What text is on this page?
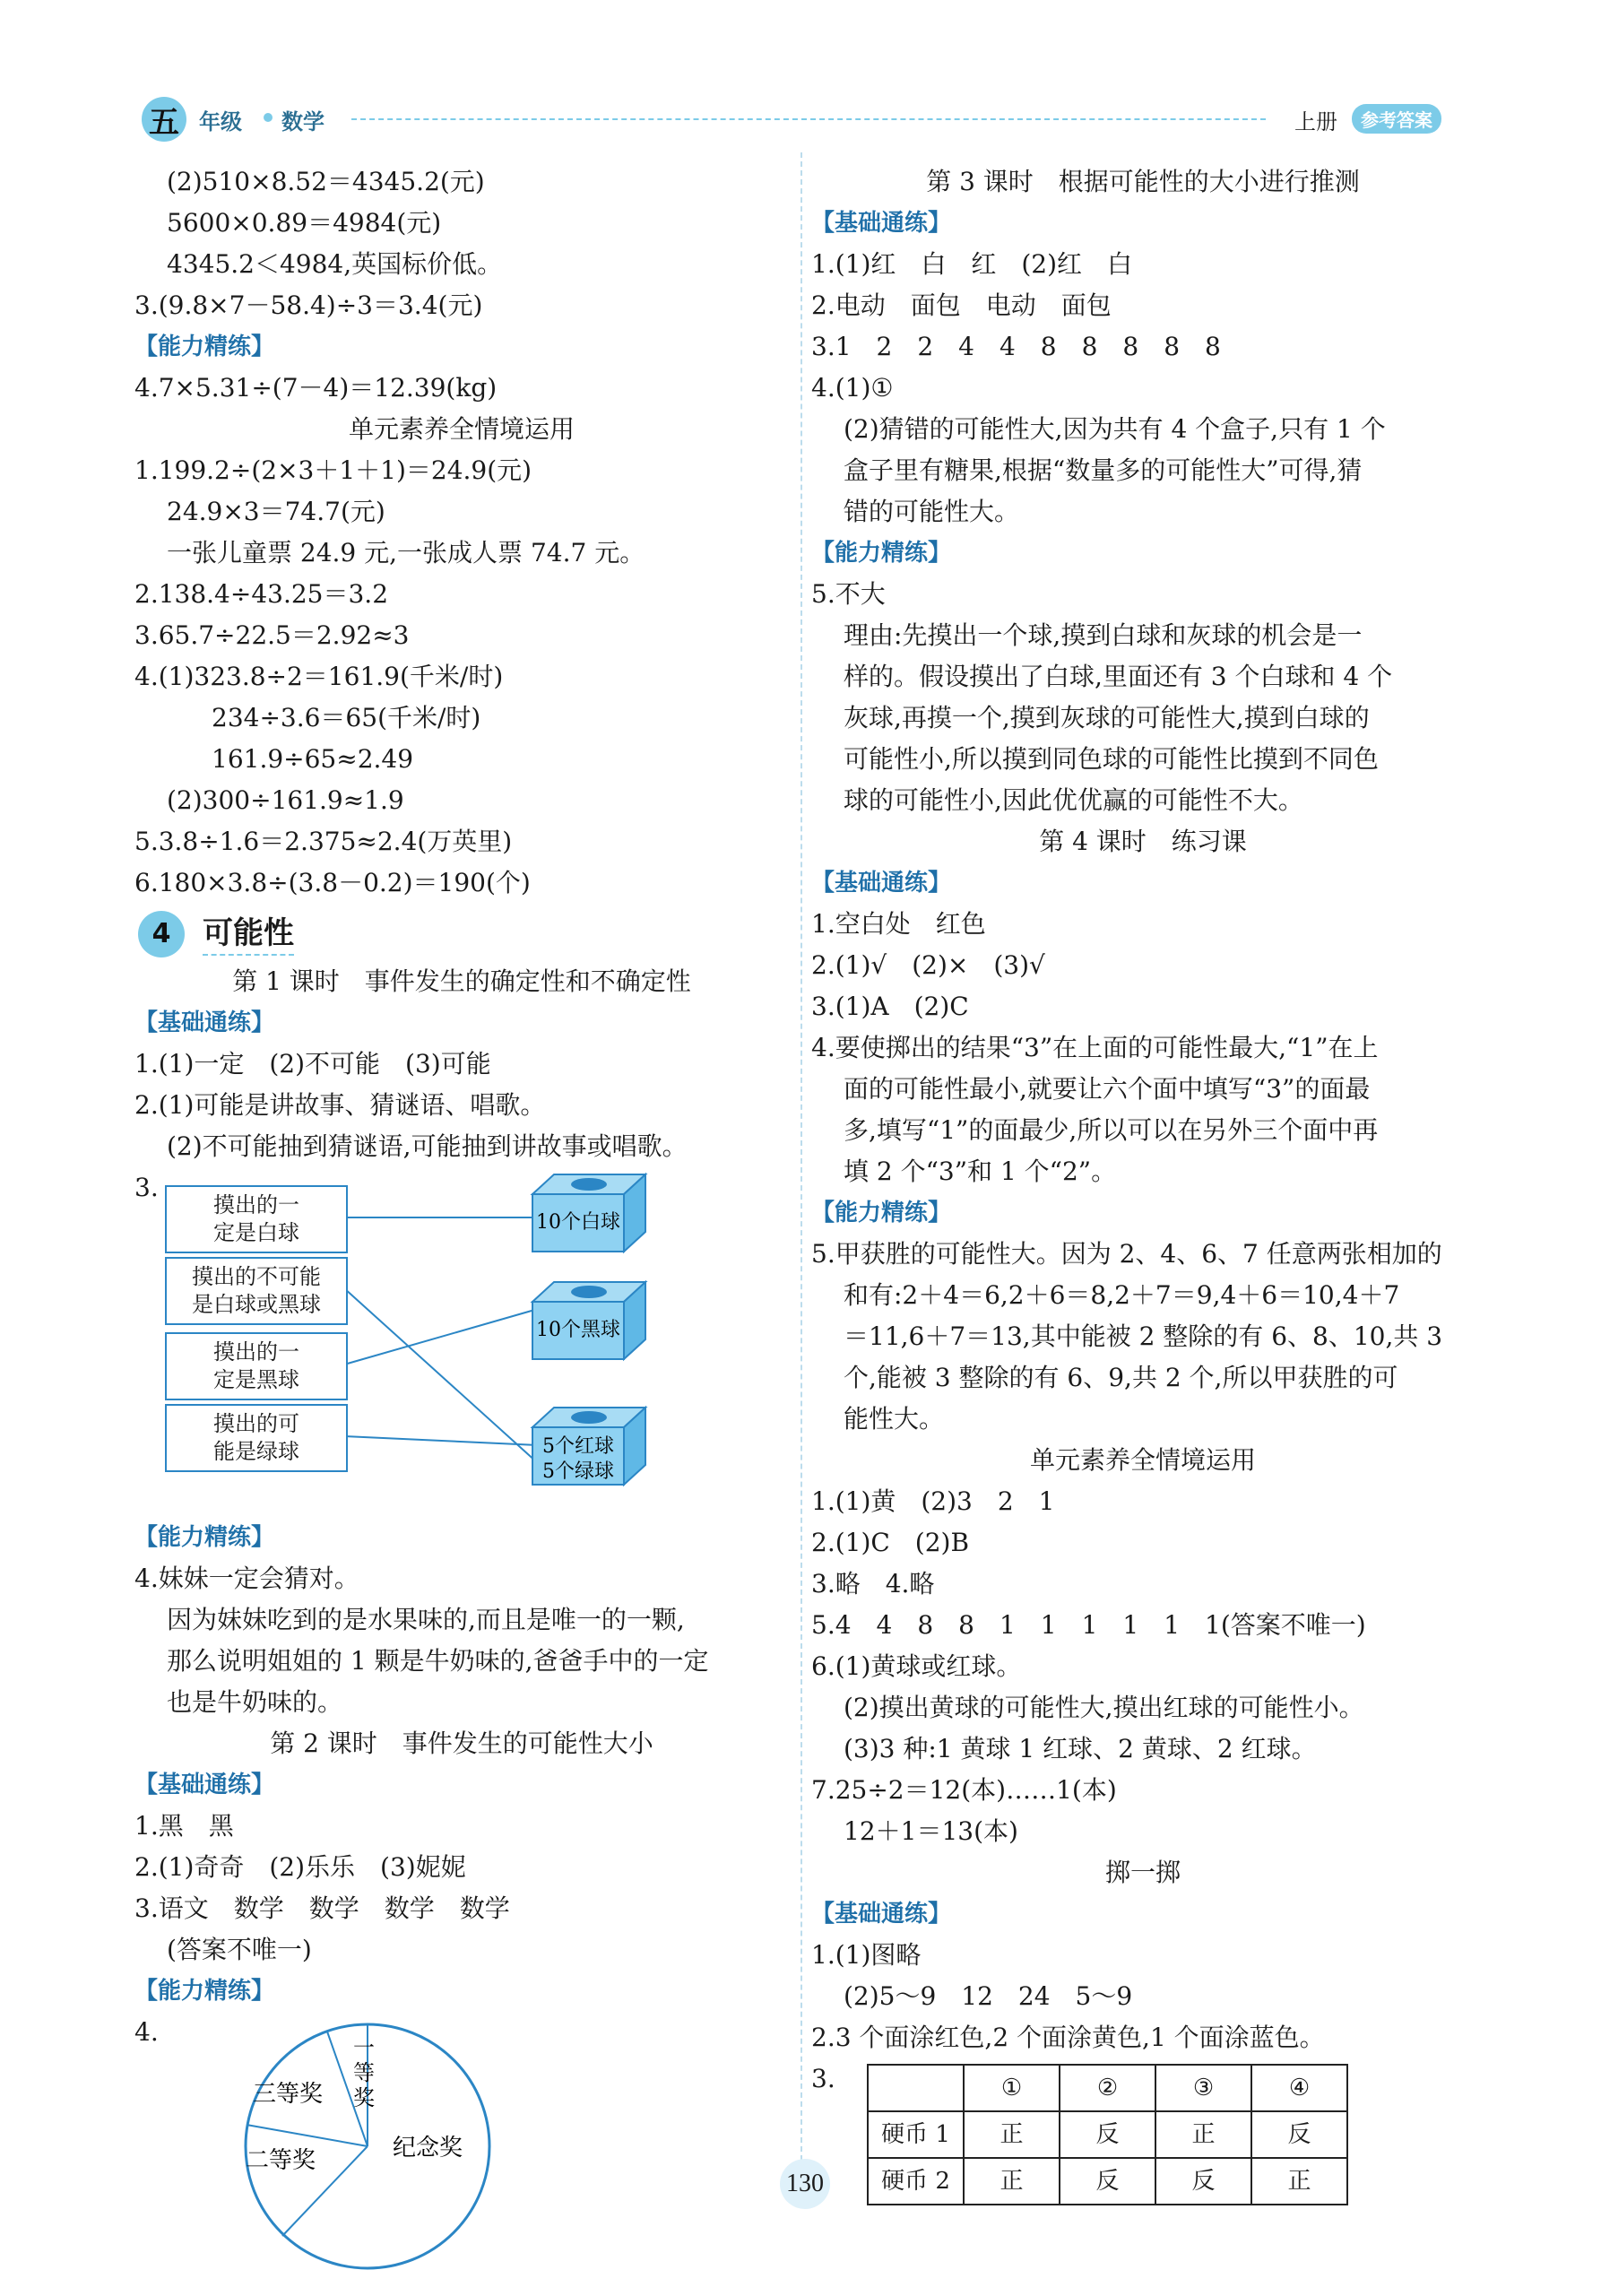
五 年级 数学	上册	参考答案
(2)510×8.52＝4345.2(元)
5600×0.89＝4984(元)
4345.2＜4984,英国标价低。
3.(9.8×7－58.4)÷3＝3.4(元)
【能力精练】
4.7×5.31÷(7－4)＝12.39(kg)
单元素养全情境运用
1.199.2÷(2×3＋1＋1)＝24.9(元)
24.9×3＝74.7(元)
一张儿童票 24.9 元,一张成人票 74.7 元。
2.138.4÷43.25＝3.2
3.65.7÷22.5＝2.92≈3
4.(1)323.8÷2＝161.9(千米/时)
234÷3.6＝65(千米/时)
161.9÷65≈2.49
(2)300÷161.9≈1.9
5.3.8÷1.6＝2.375≈2.4(万英里)
6.180×3.8÷(3.8－0.2)＝190(个)
4	可能性
第 1 课时　事件发生的确定性和不确定性
【基础通练】
1.(1)一定　(2)不可能　(3)可能
2.(1)可能是讲故事、猜谜语、唱歌。
(2)不可能抽到猜谜语,可能抽到讲故事或唱歌。
3.
10个白球
10个黑球
5个红球
5个绿球
摸出的一
定是白球
摸出的不可能
是白球或黑球
摸出的一
定是黑球
摸出的可
能是绿球
【能力精练】
4.妹妹一定会猜对。
因为妹妹吃到的是水果味的,而且是唯一的一颗,
那么说明姐姐的 1 颗是牛奶味的,爸爸手中的一定
也是牛奶味的。
第 2 课时　事件发生的可能性大小
【基础通练】
1.黑　黑
2.(1)奇奇　(2)乐乐　(3)妮妮
3.语文　数学　数学　数学　数学
(答案不唯一)
【能力精练】
4.
一等奖
三等奖
二等奖	纪念奖
第 3 课时　根据可能性的大小进行推测
【基础通练】
1.(1)红　白　红　(2)红　白
2.电动　面包　电动　面包
3.1　2　2　4　4　8　8　8　8　8
4.(1)①
(2)猜错的可能性大,因为共有 4 个盒子,只有 1 个
盒子里有糖果,根据“数量多的可能性大”可得,猜
错的可能性大。
【能力精练】
5.不大
理由:先摸出一个球,摸到白球和灰球的机会是一
样的。假设摸出了白球,里面还有 3 个白球和 4 个
灰球,再摸一个,摸到灰球的可能性大,摸到白球的
可能性小,所以摸到同色球的可能性比摸到不同色
球的可能性小,因此优优赢的可能性不大。
第 4 课时　练习课
【基础通练】
1.空白处　红色
2.(1)√　(2)×　(3)√
3.(1)A　(2)C
4.要使掷出的结果“3”在上面的可能性最大,“1”在上
面的可能性最小,就要让六个面中填写“3”的面最
多,填写“1”的面最少,所以可以在另外三个面中再
填 2 个“3”和 1 个“2”。
【能力精练】
5.甲获胜的可能性大。因为 2、4、6、7 任意两张相加的
和有:2＋4＝6,2＋6＝8,2＋7＝9,4＋6＝10,4＋7
＝11,6＋7＝13,其中能被 2 整除的有 6、8、10,共 3
个,能被 3 整除的有 6、9,共 2 个,所以甲获胜的可
能性大。
单元素养全情境运用
1.(1)黄　(2)3　2　1
2.(1)C　(2)B
3.略　4.略
5.4　4　8　8　1　1　1　1　1　1(答案不唯一)
6.(1)黄球或红球。
(2)摸出黄球的可能性大,摸出红球的可能性小。
(3)3 种:1 黄球 1 红球、2 黄球、2 红球。
7.25÷2＝12(本)……1(本)
12＋1＝13(本)
掷一掷
【基础通练】
1.(1)图略
(2)5～9　12　24　5～9
2.3 个面涂红色,2 个面涂黄色,1 个面涂蓝色。
3.
		①	②	③	④
硬币 1	正	反	正	反
硬币 2	正	反	反	正
130
